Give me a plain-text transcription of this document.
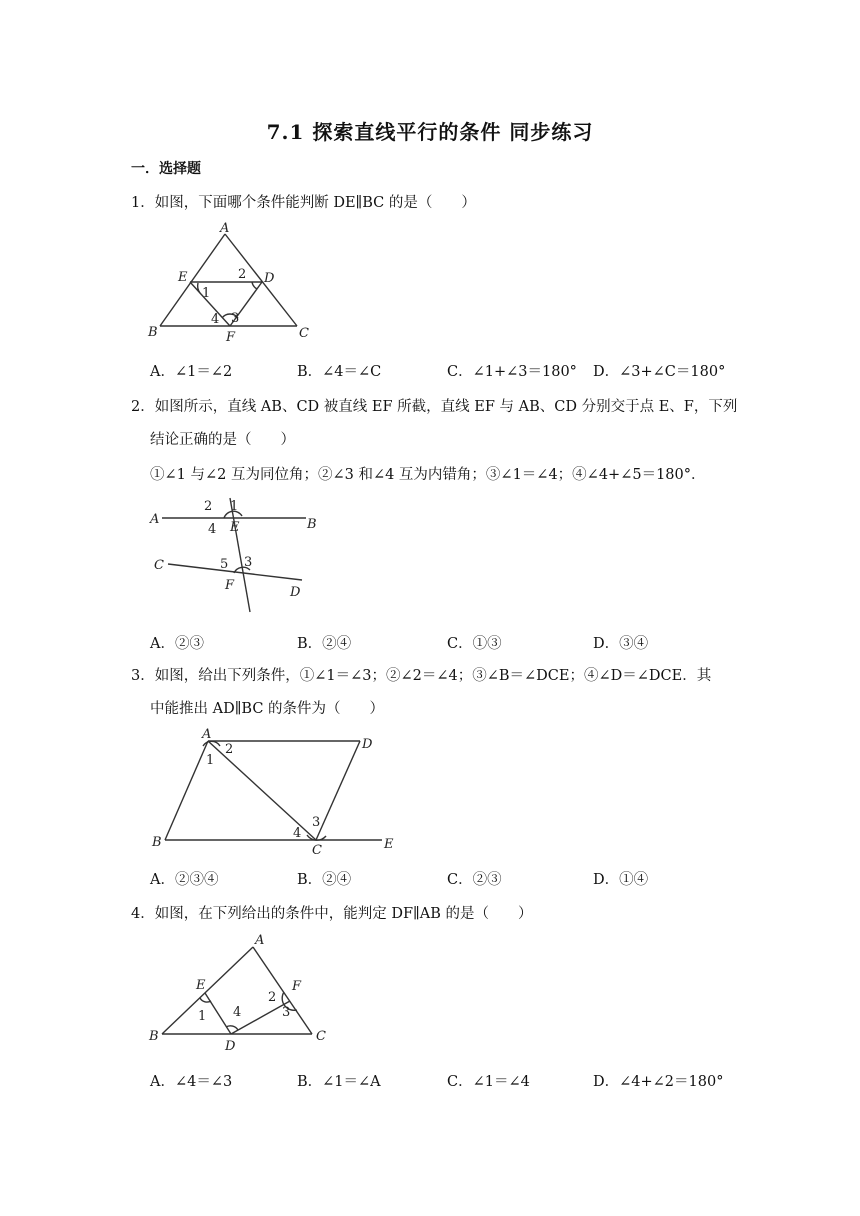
7.1 探索直线平行的条件 同步练习
一．选择题
1．如图，下面哪个条件能判断 DE∥BC 的是（　　）
A
E	D
B	C
F
1
2
3
4
A．∠1＝∠2	B．∠4＝∠C	C．∠1+∠3＝180° D．∠3+∠C＝180°
2．如图所示，直线 AB、CD 被直线 EF 所截，直线 EF 与 AB、CD 分别交于点 E、F，下列
结论正确的是（　　）
①∠1 与∠2 互为同位角；②∠3 和∠4 互为内错角；③∠1＝∠4；④∠4+∠5＝180°．
2 1
A
4 E	B
C	5 3
F	D
A．②③	B．②④	C．①③	D．③④
3．如图，给出下列条件，①∠1＝∠3；②∠2＝∠4；③∠B＝∠DCE；④∠D＝∠DCE．其
中能推出 AD∥BC 的条件为（　　）
A
2
1
D
3
4
B
C	E
A．②③④	B．②④	C．②③	D．①④
4．如图，在下列给出的条件中，能判定 DF∥AB 的是（　　）
A
E
2
F
1 4	3
B
D
C
A．∠4＝∠3	B．∠1＝∠A	C．∠1＝∠4	D．∠4+∠2＝180°
